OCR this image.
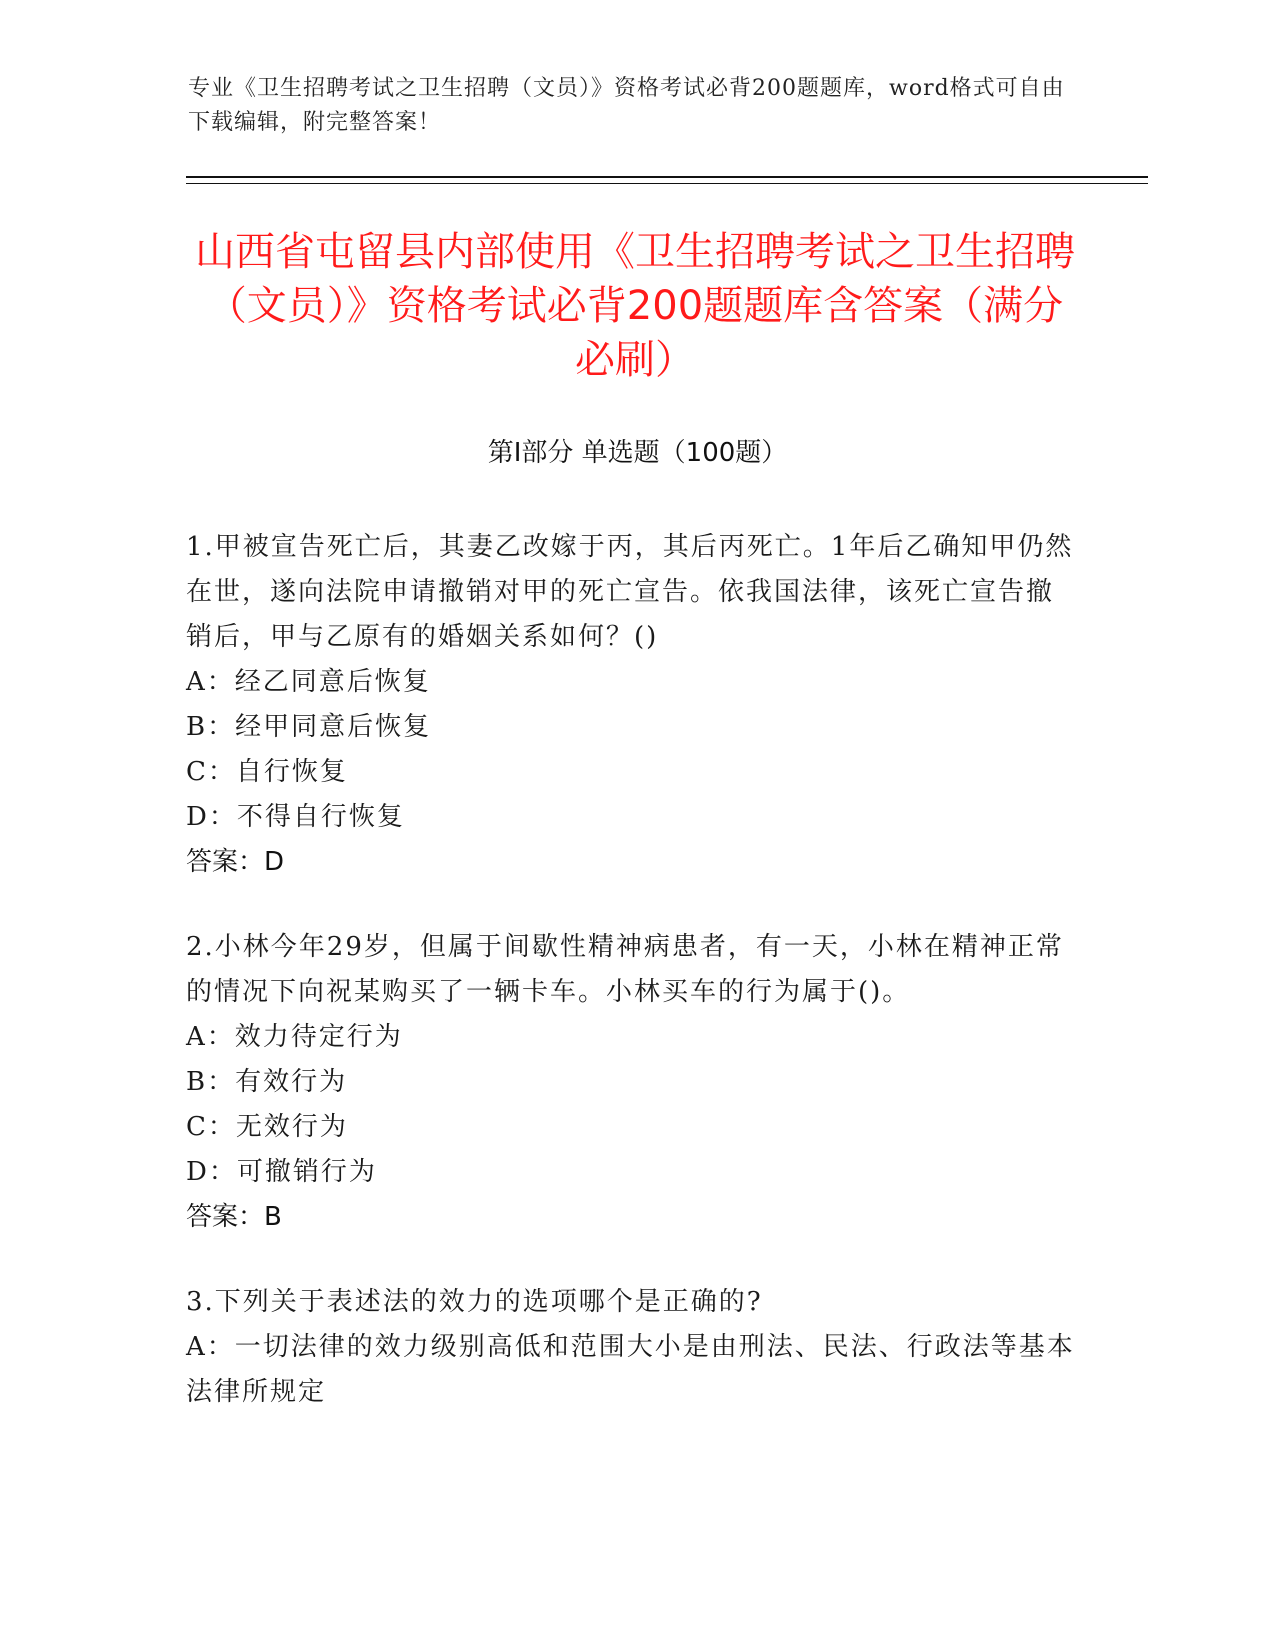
专业《卫生招聘考试之卫生招聘（文员）》资格考试必背200题题库，word格式可自由下载编辑，附完整答案！
山西省屯留县内部使用《卫生招聘考试之卫生招聘（文员）》资格考试必背200题题库含答案（满分必刷）
第I部分 单选题（100题）
1.甲被宣告死亡后，其妻乙改嫁于丙，其后丙死亡。1年后乙确知甲仍然在世，遂向法院申请撤销对甲的死亡宣告。依我国法律，该死亡宣告撤销后，甲与乙原有的婚姻关系如何？()
A：经乙同意后恢复
B：经甲同意后恢复
C：自行恢复
D：不得自行恢复
答案：D
2.小林今年29岁，但属于间歇性精神病患者，有一天，小林在精神正常的情况下向祝某购买了一辆卡车。小林买车的行为属于()。
A：效力待定行为
B：有效行为
C：无效行为
D：可撤销行为
答案：B
3.下列关于表述法的效力的选项哪个是正确的?
A：一切法律的效力级别高低和范围大小是由刑法、民法、行政法等基本法律所规定
